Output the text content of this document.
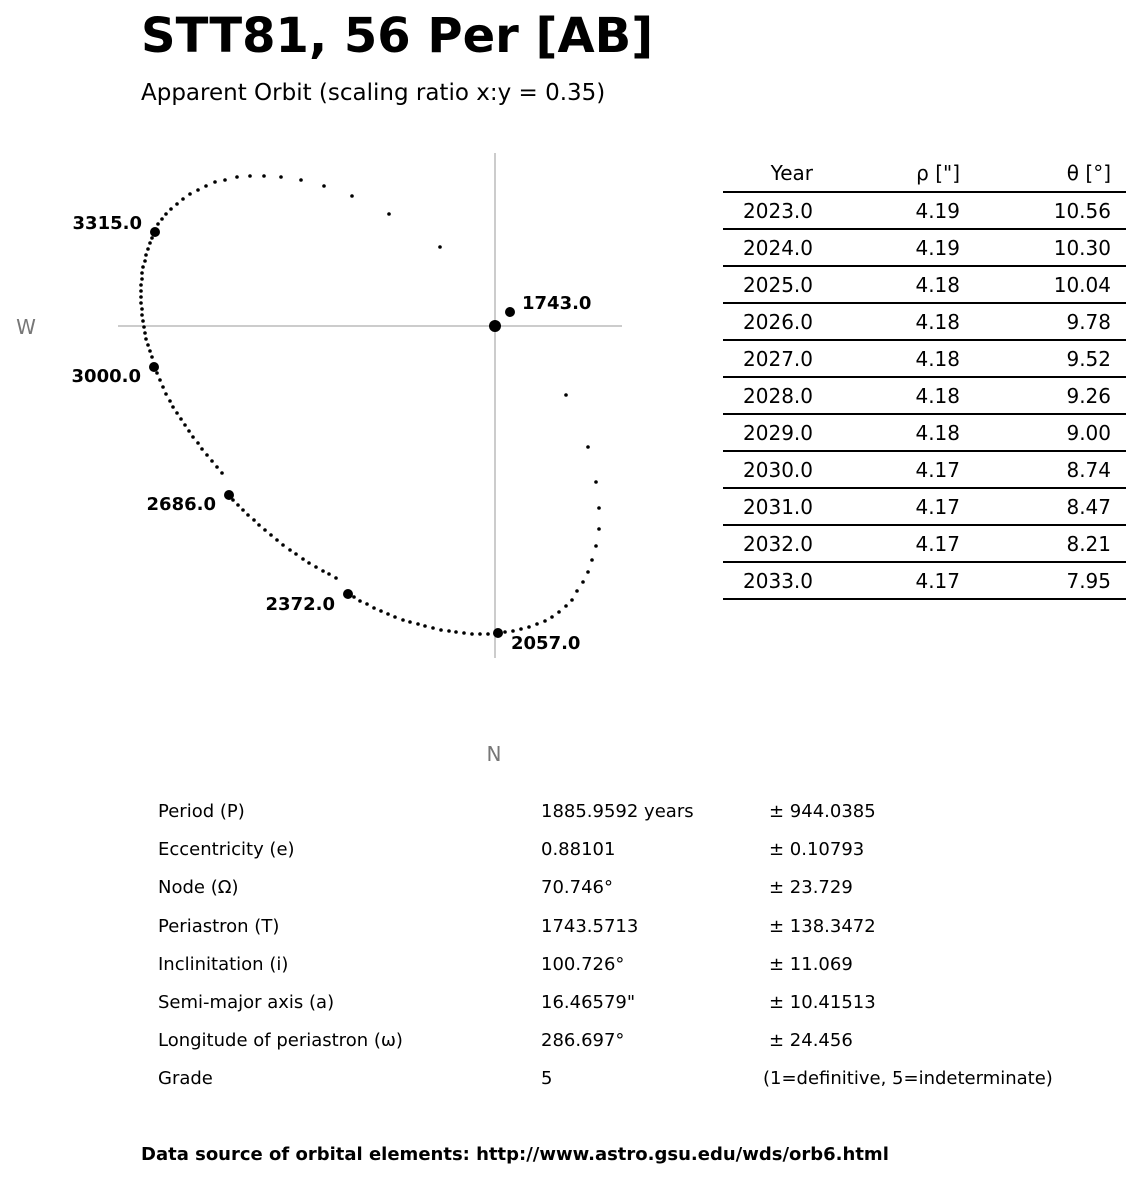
STT81, 56 Per [AB]
Apparent Orbit (scaling ratio x:y = 0.35)
W
N
1743.0
2057.0
2372.0
2686.0
3000.0
3315.0
Year	ρ ["]	θ [°]
2023.0	4.19	10.56
2024.0	4.19	10.30
2025.0	4.18	10.04
2026.0	4.18	9.78
2027.0	4.18	9.52
2028.0	4.18	9.26
2029.0	4.18	9.00
2030.0	4.17	8.74
2031.0	4.17	8.47
2032.0	4.17	8.21
2033.0	4.17	7.95
Period (P)	1885.9592 years	± 944.0385
Eccentricity (e)	0.88101	± 0.10793
Node (Ω)	70.746°	± 23.729
Periastron (T)	1743.5713	± 138.3472
Inclinitation (i)	100.726°	± 11.069
Semi-major axis (a)	16.46579"	± 10.41513
Longitude of periastron (ω)	286.697°	± 24.456
Grade	5	(1=definitive, 5=indeterminate)
Data source of orbital elements: http://www.astro.gsu.edu/wds/orb6.html
